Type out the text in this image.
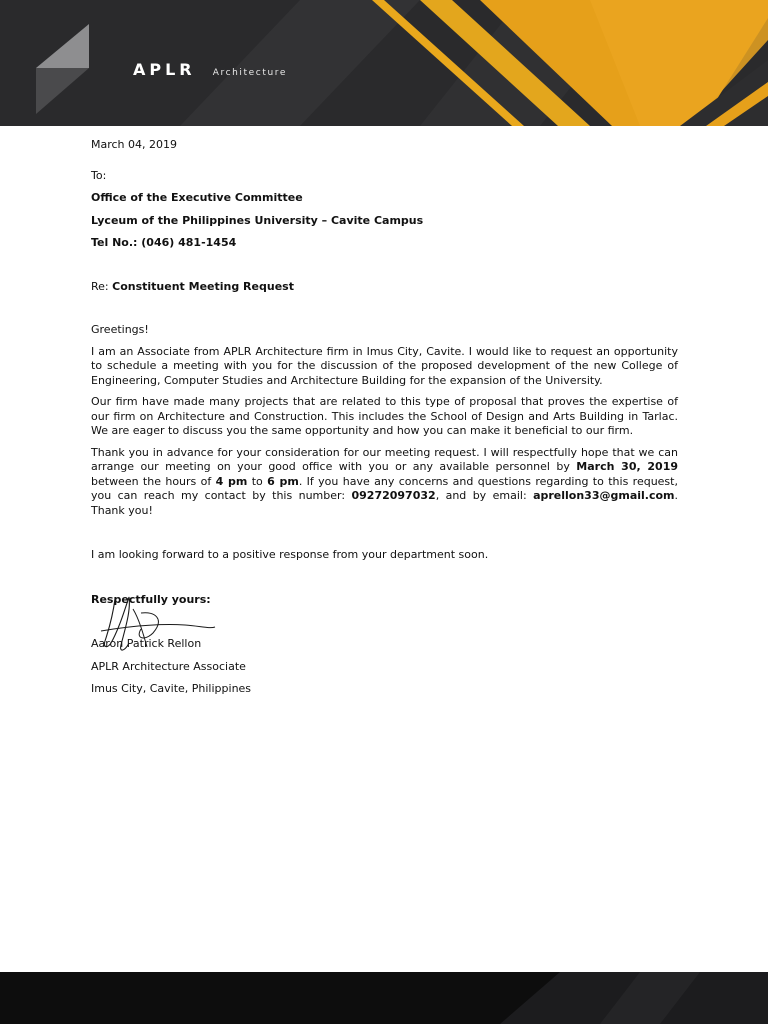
APLR Architecture

March 04, 2019

To:

Office of the Executive Committee

Lyceum of the Philippines University – Cavite Campus

Tel No.: (046) 481-1454

Re: Constituent Meeting Request

Greetings!

I am an Associate from APLR Architecture firm in Imus City, Cavite. I would like to request an opportunity to schedule a meeting with you for the discussion of the proposed development of the new College of Engineering, Computer Studies and Architecture Building for the expansion of the University.

Our firm have made many projects that are related to this type of proposal that proves the expertise of our firm on Architecture and Construction. This includes the School of Design and Arts Building in Tarlac. We are eager to discuss you the same opportunity and how you can make it beneficial to our firm.

Thank you in advance for your consideration for our meeting request. I will respectfully hope that we can arrange our meeting on your good office with you or any available personnel by March 30, 2019 between the hours of 4 pm to 6 pm. If you have any concerns and questions regarding to this request, you can reach my contact by this number: 09272097032, and by email: aprellon33@gmail.com. Thank you!

I am looking forward to a positive response from your department soon.

Respectfully yours:

Aaron Patrick Rellon

APLR Architecture Associate

Imus City, Cavite, Philippines
